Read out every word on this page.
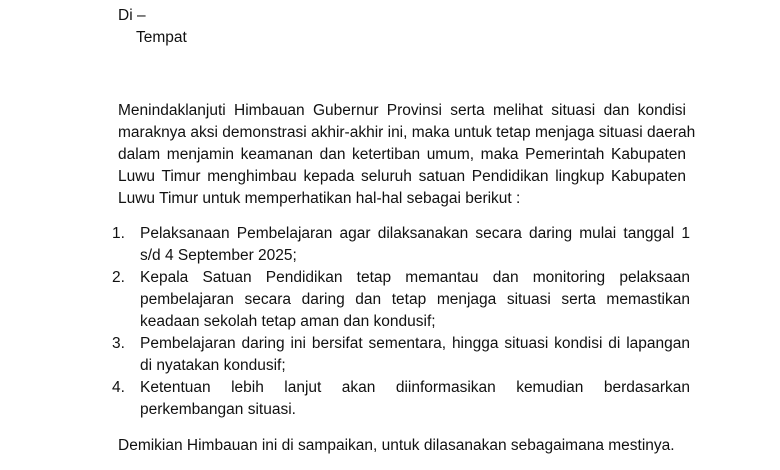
Di –
Tempat
Menindaklanjuti Himbauan Gubernur Provinsi serta melihat situasi dan kondisi
maraknya aksi demonstrasi akhir-akhir ini, maka untuk tetap menjaga situasi daerah
dalam menjamin keamanan dan ketertiban umum, maka Pemerintah Kabupaten
Luwu Timur menghimbau kepada seluruh satuan Pendidikan lingkup Kabupaten
Luwu Timur untuk memperhatikan hal-hal sebagai berikut :
1. Pelaksanaan Pembelajaran agar dilaksanakan secara daring mulai tanggal 1 s/d 4 September 2025;
2. Kepala Satuan Pendidikan tetap memantau dan monitoring pelaksaan pembelajaran secara daring dan tetap menjaga situasi serta memastikan keadaan sekolah tetap aman dan kondusif;
3. Pembelajaran daring ini bersifat sementara, hingga situasi kondisi di lapangan di nyatakan kondusif;
4. Ketentuan lebih lanjut akan diinformasikan kemudian berdasarkan perkembangan situasi.
Demikian Himbauan ini di sampaikan, untuk dilasanakan sebagaimana mestinya.
